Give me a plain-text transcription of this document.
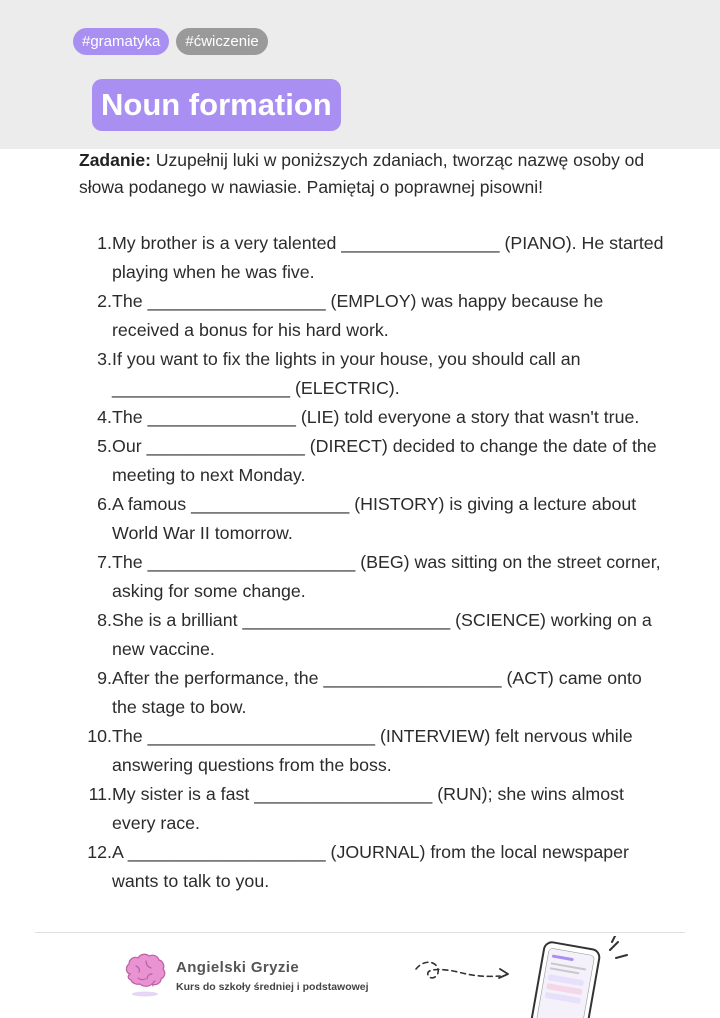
#gramatyka	#ćwiczenie
Noun formation
Zadanie: Uzupełnij luki w poniższych zdaniach, tworząc nazwę osoby od słowa podanego w nawiasie. Pamiętaj o poprawnej pisowni!
1. My brother is a very talented ________________ (PIANO). He started playing when he was five.
2. The __________________ (EMPLOY) was happy because he received a bonus for his hard work.
3. If you want to fix the lights in your house, you should call an __________________ (ELECTRIC).
4. The _______________ (LIE) told everyone a story that wasn't true.
5. Our ________________ (DIRECT) decided to change the date of the meeting to next Monday.
6. A famous ________________ (HISTORY) is giving a lecture about World War II tomorrow.
7. The _____________________ (BEG) was sitting on the street corner, asking for some change.
8. She is a brilliant _____________________ (SCIENCE) working on a new vaccine.
9. After the performance, the __________________ (ACT) came onto the stage to bow.
10. The _______________________ (INTERVIEW) felt nervous while answering questions from the boss.
11. My sister is a fast __________________ (RUN); she wins almost every race.
12. A ____________________ (JOURNAL) from the local newspaper wants to talk to you.
Angielski Gryzie
Kurs do szkoły średniej i podstawowej
